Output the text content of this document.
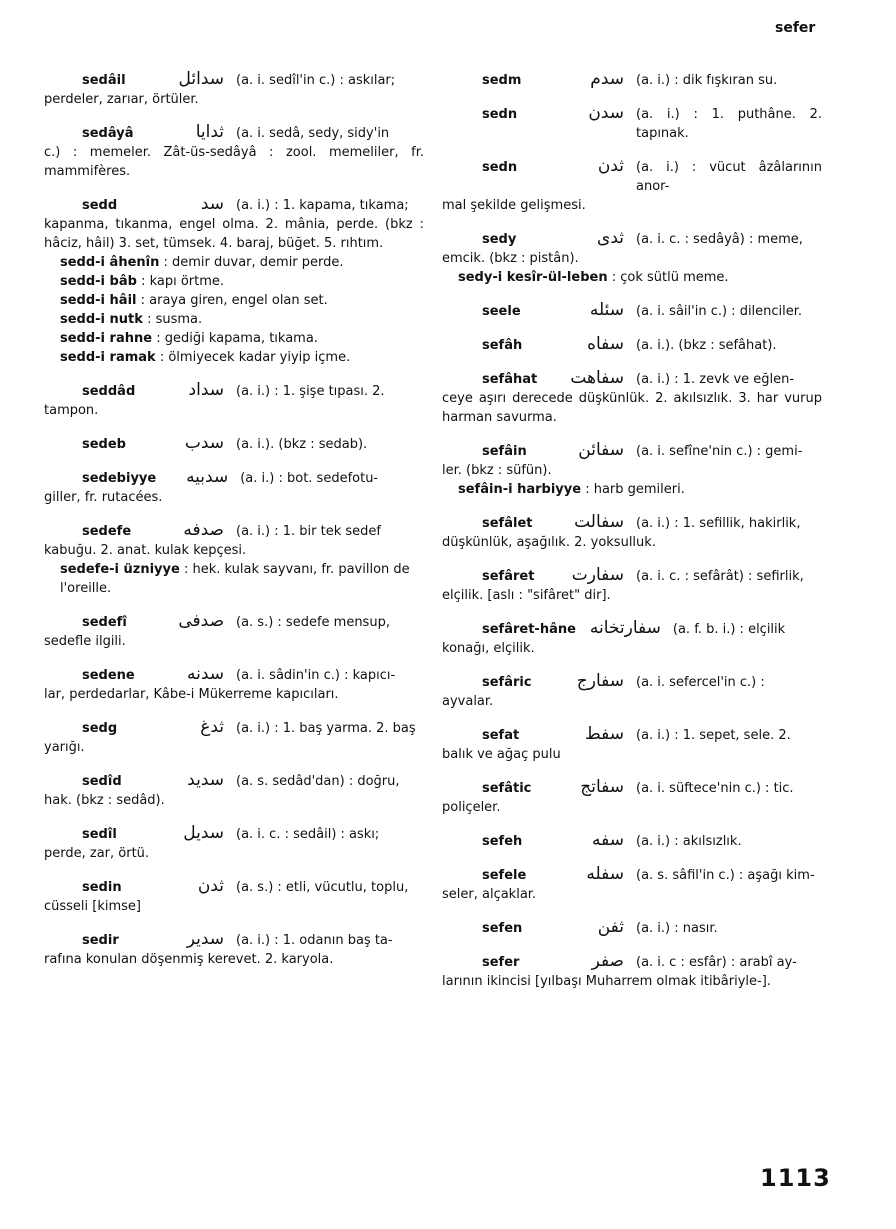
sefer
sedâil	سدائل (a. i. sedîl'in c.) : askılar;
perdeler, zarıar, örtüler.
sedâyâ	ثدايا (a. i. sedâ, sedy, sidy'in
c.) : memeler. Zât-üs-sedâyâ : zool. memeliler, fr. mammifères.
sedd	سد (a. i.) : 1. kapama, tıkama;
kapanma, tıkanma, engel olma. 2. mânia, perde. (bkz : hâciz, hâil) 3. set, tümsek. 4. baraj, büğet. 5. rıhtım.
sedd-i âhenîn : demir duvar, demir perde.
sedd-i bâb : kapı örtme.
sedd-i hâil : araya giren, engel olan set.
sedd-i nutk : susma.
sedd-i rahne : gediği kapama, tıkama.
sedd-i ramak : ölmiyecek kadar yiyip içme.
seddâd	سداد (a. i.) : 1. şişe tıpası. 2.
tampon.
sedeb	سدب (a. i.). (bkz : sedab).
sedebiyye	سدبيه (a. i.) : bot. sedefotu-
giller, fr. rutacées.
sedefe	صدفه (a. i.) : 1. bir tek sedef
kabuğu. 2. anat. kulak kepçesi.
sedefe-i üzniyye : hek. kulak sayvanı, fr. pavillon de l'oreille.
sedefî	صدفى (a. s.) : sedefe mensup,
sedefle ilgili.
sedene	سدنه (a. i. sâdin'in c.) : kapıcı-
lar, perdedarlar, Kâbe-i Mükerreme kapıcıları.
sedg	ثدغ (a. i.) : 1. baş yarma. 2. baş
yarığı.
sedîd	سديد (a. s. sedâd'dan) : doğru,
hak. (bkz : sedâd).
sedîl	سديل (a. i. c. : sedâil) : askı;
perde, zar, örtü.
sedin	ثدن (a. s.) : etli, vücutlu, toplu,
cüsseli [kimse]
sedir	سدير (a. i.) : 1. odanın baş ta-
rafına konulan döşenmiş kerevet. 2. karyola.
sedm	سدم (a. i.) : dik fışkıran su.
sedn	سدن (a. i.) : 1. puthâne. 2. tapınak.
sedn	ثدن (a. i.) : vücut âzâlarının anor-
mal şekilde gelişmesi.
sedy	ثدى (a. i. c. : sedâyâ) : meme,
emcik. (bkz : pistân).
sedy-i kesîr-ül-leben : çok sütlü meme.
seele	سئله (a. i. sâil'in c.) : dilenciler.
sefâh	سفاه (a. i.). (bkz : sefâhat).
sefâhat	سفاهت (a. i.) : 1. zevk ve eğlen-
ceye aşırı derecede düşkünlük. 2. akılsızlık. 3. har vurup harman savurma.
sefâin	سفائن (a. i. sefîne'nin c.) : gemi-
ler. (bkz : süfün).
sefâin-i harbiyye : harb gemileri.
sefâlet	سفالت (a. i.) : 1. sefillik, hakirlik,
düşkünlük, aşağılık. 2. yoksulluk.
sefâret	سفارت (a. i. c. : sefârât) : sefirlik,
elçilik. [aslı : "sifâret" dir].
sefâret-hâne سفارتخانه (a. f. b. i.) : elçilik
konağı, elçilik.
sefâric	سفارج (a. i. sefercel'in c.) :
ayvalar.
sefat	سفط (a. i.) : 1. sepet, sele. 2.
balık ve ağaç pulu
sefâtic	سفاتج (a. i. süftece'nin c.) : tic.
poliçeler.
sefeh	سفه (a. i.) : akılsızlık.
sefele	سفله (a. s. sâfil'in c.) : aşağı kim-
seler, alçaklar.
sefen	ثفن (a. i.) : nasır.
sefer	صفر (a. i. c : esfâr) : arabî ay-
larının ikincisi [yılbaşı Muharrem olmak itibâriyle-].
1113
